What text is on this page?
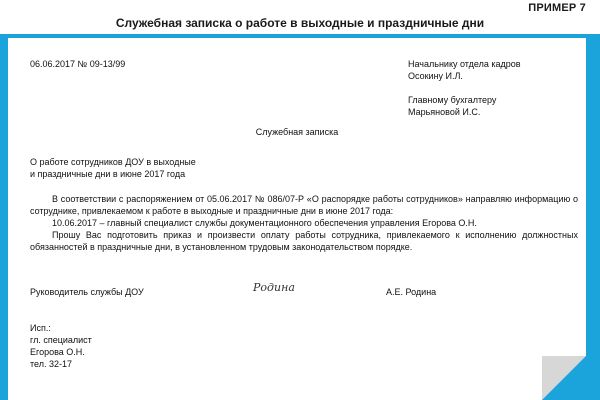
ПРИМЕР 7
Служебная записка о работе в выходные и праздничные дни
06.06.2017 № 09-13/99	Начальнику отдела кадров
Осокину И.Л.
Главному бухгалтеру
Марьяновой И.С.
Служебная записка
О работе сотрудников ДОУ в выходные
и праздничные дни в июне 2017 года

В соответствии с распоряжением от 05.06.2017 № 086/07-Р «О распорядке работы сотрудников» направляю информацию о сотруднике, привлекаемом к работе в выходные и праздничные дни в июне 2017 года:

10.06.2017 – главный специалист службы документационного обеспечения управления Егорова О.Н.

Прошу Вас подготовить приказ и произвести оплату работы сотрудника, привлекаемого к исполнению должностных обязанностей в праздничные дни, в установленном трудовым законодательством порядке.

Руководитель службы ДОУ	Родина	А.Е. Родина
Исп.:
гл. специалист
Егорова О.Н.
тел. 32-17
